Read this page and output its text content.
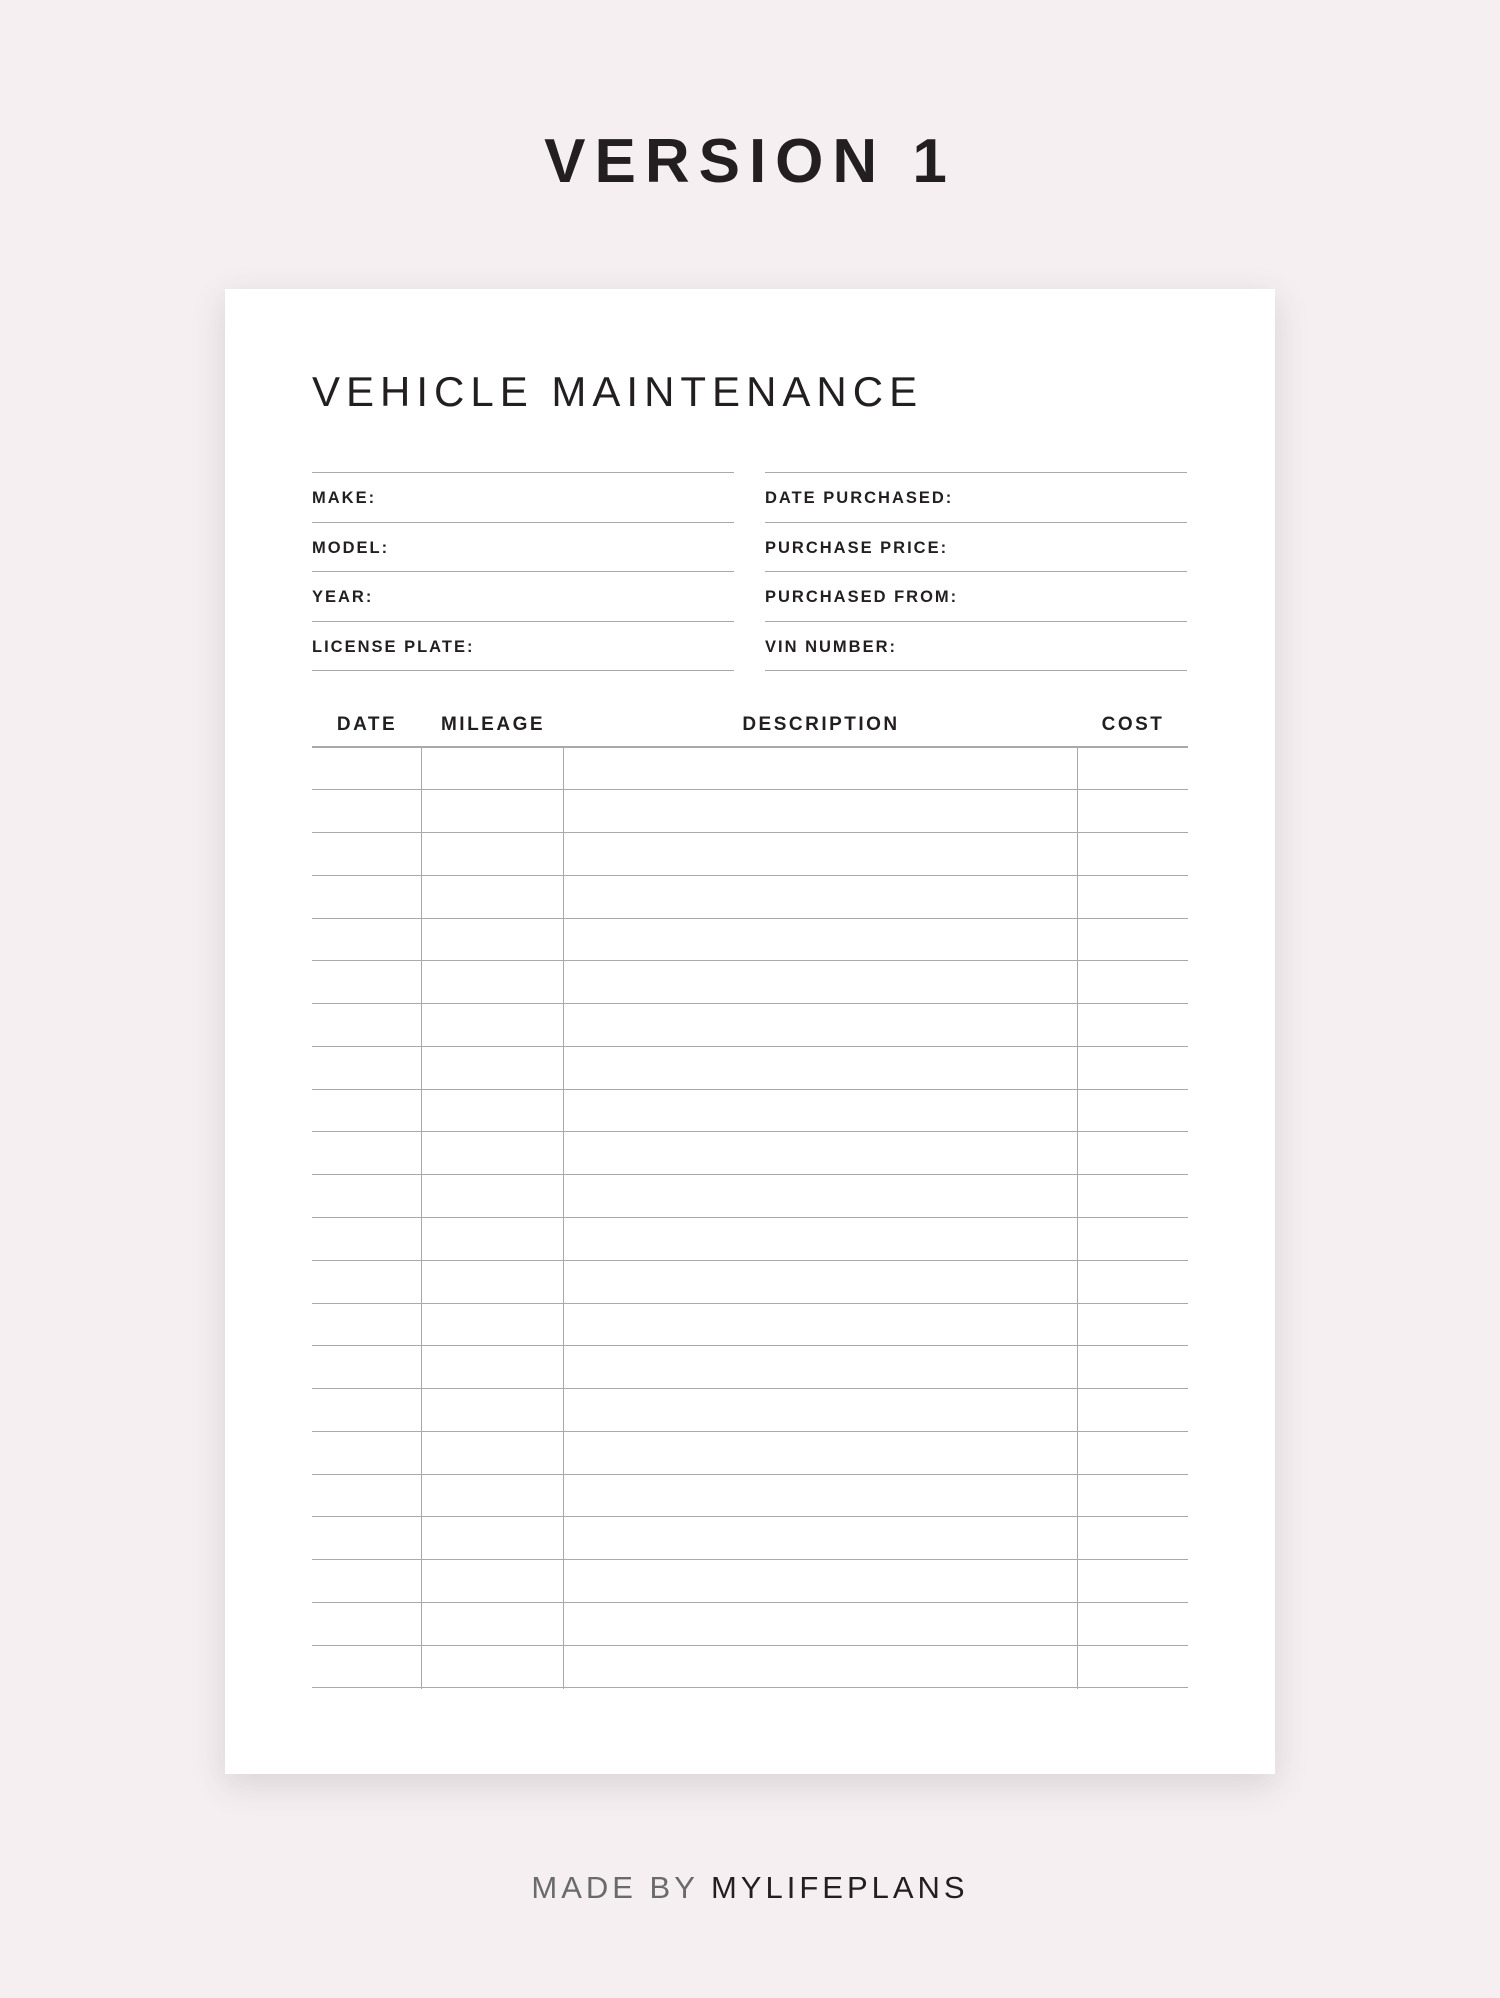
VERSION 1
VEHICLE MAINTENANCE
MAKE:
MODEL:
YEAR:
LICENSE PLATE:
DATE PURCHASED:
PURCHASE PRICE:
PURCHASED FROM:
VIN NUMBER:
DATE	MILEAGE	DESCRIPTION	COST
MADE BY MYLIFEPLANS
